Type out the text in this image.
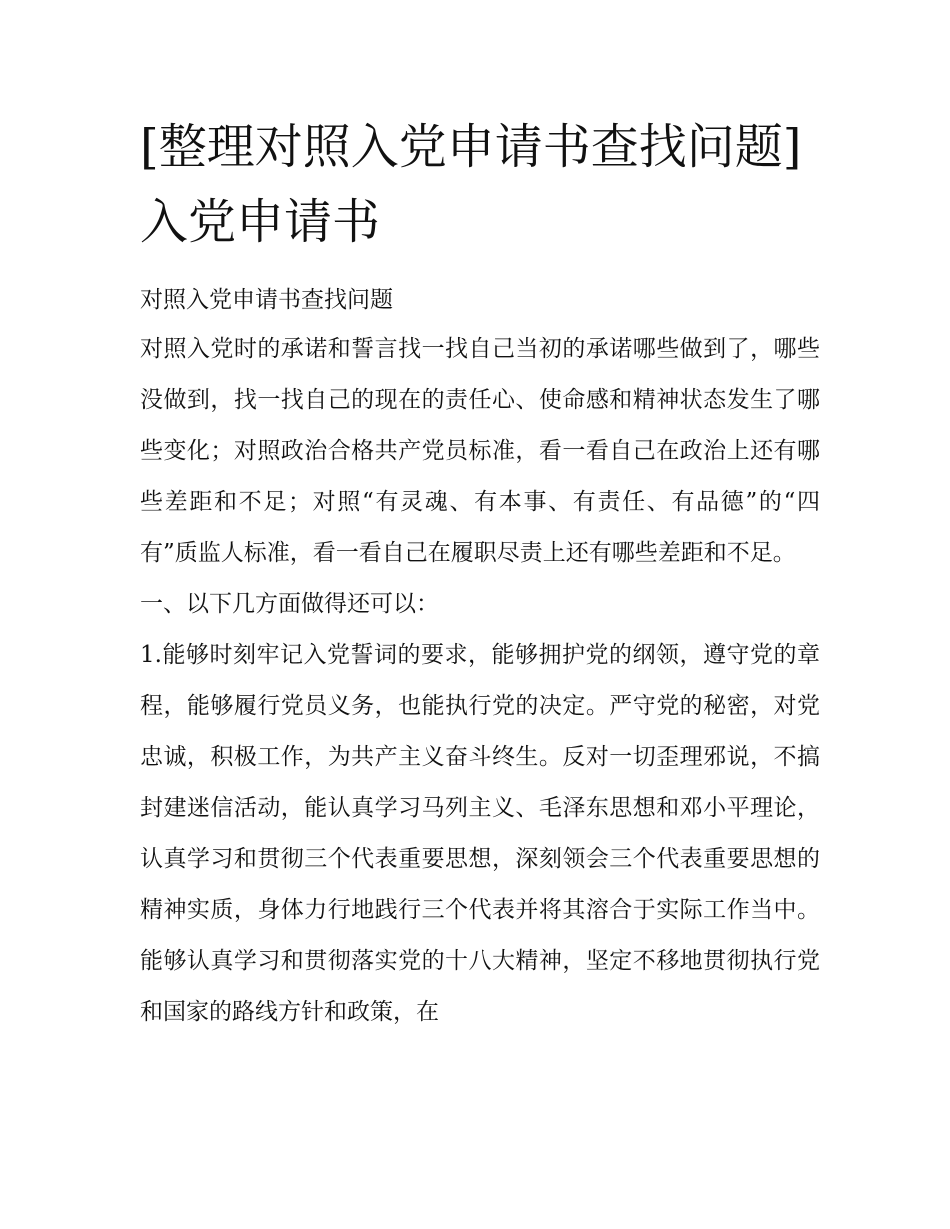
[整理对照入党申请书查找问题]入党申请书

对照入党申请书查找问题

对照入党时的承诺和誓言找一找自己当初的承诺哪些做到了，哪些没做到，找一找自己的现在的责任心、使命感和精神状态发生了哪些变化；对照政治合格共产党员标准，看一看自己在政治上还有哪些差距和不足；对照“有灵魂、有本事、有责任、有品德”的“四有”质监人标准，看一看自己在履职尽责上还有哪些差距和不足。

一、以下几方面做得还可以：

1.能够时刻牢记入党誓词的要求，能够拥护党的纲领，遵守党的章程，能够履行党员义务，也能执行党的决定。严守党的秘密，对党忠诚，积极工作，为共产主义奋斗终生。反对一切歪理邪说，不搞封建迷信活动，能认真学习马列主义、毛泽东思想和邓小平理论，认真学习和贯彻三个代表重要思想，深刻领会三个代表重要思想的精神实质，身体力行地践行三个代表并将其溶合于实际工作当中。能够认真学习和贯彻落实党的十八大精神，坚定不移地贯彻执行党和国家的路线方针和政策，在
